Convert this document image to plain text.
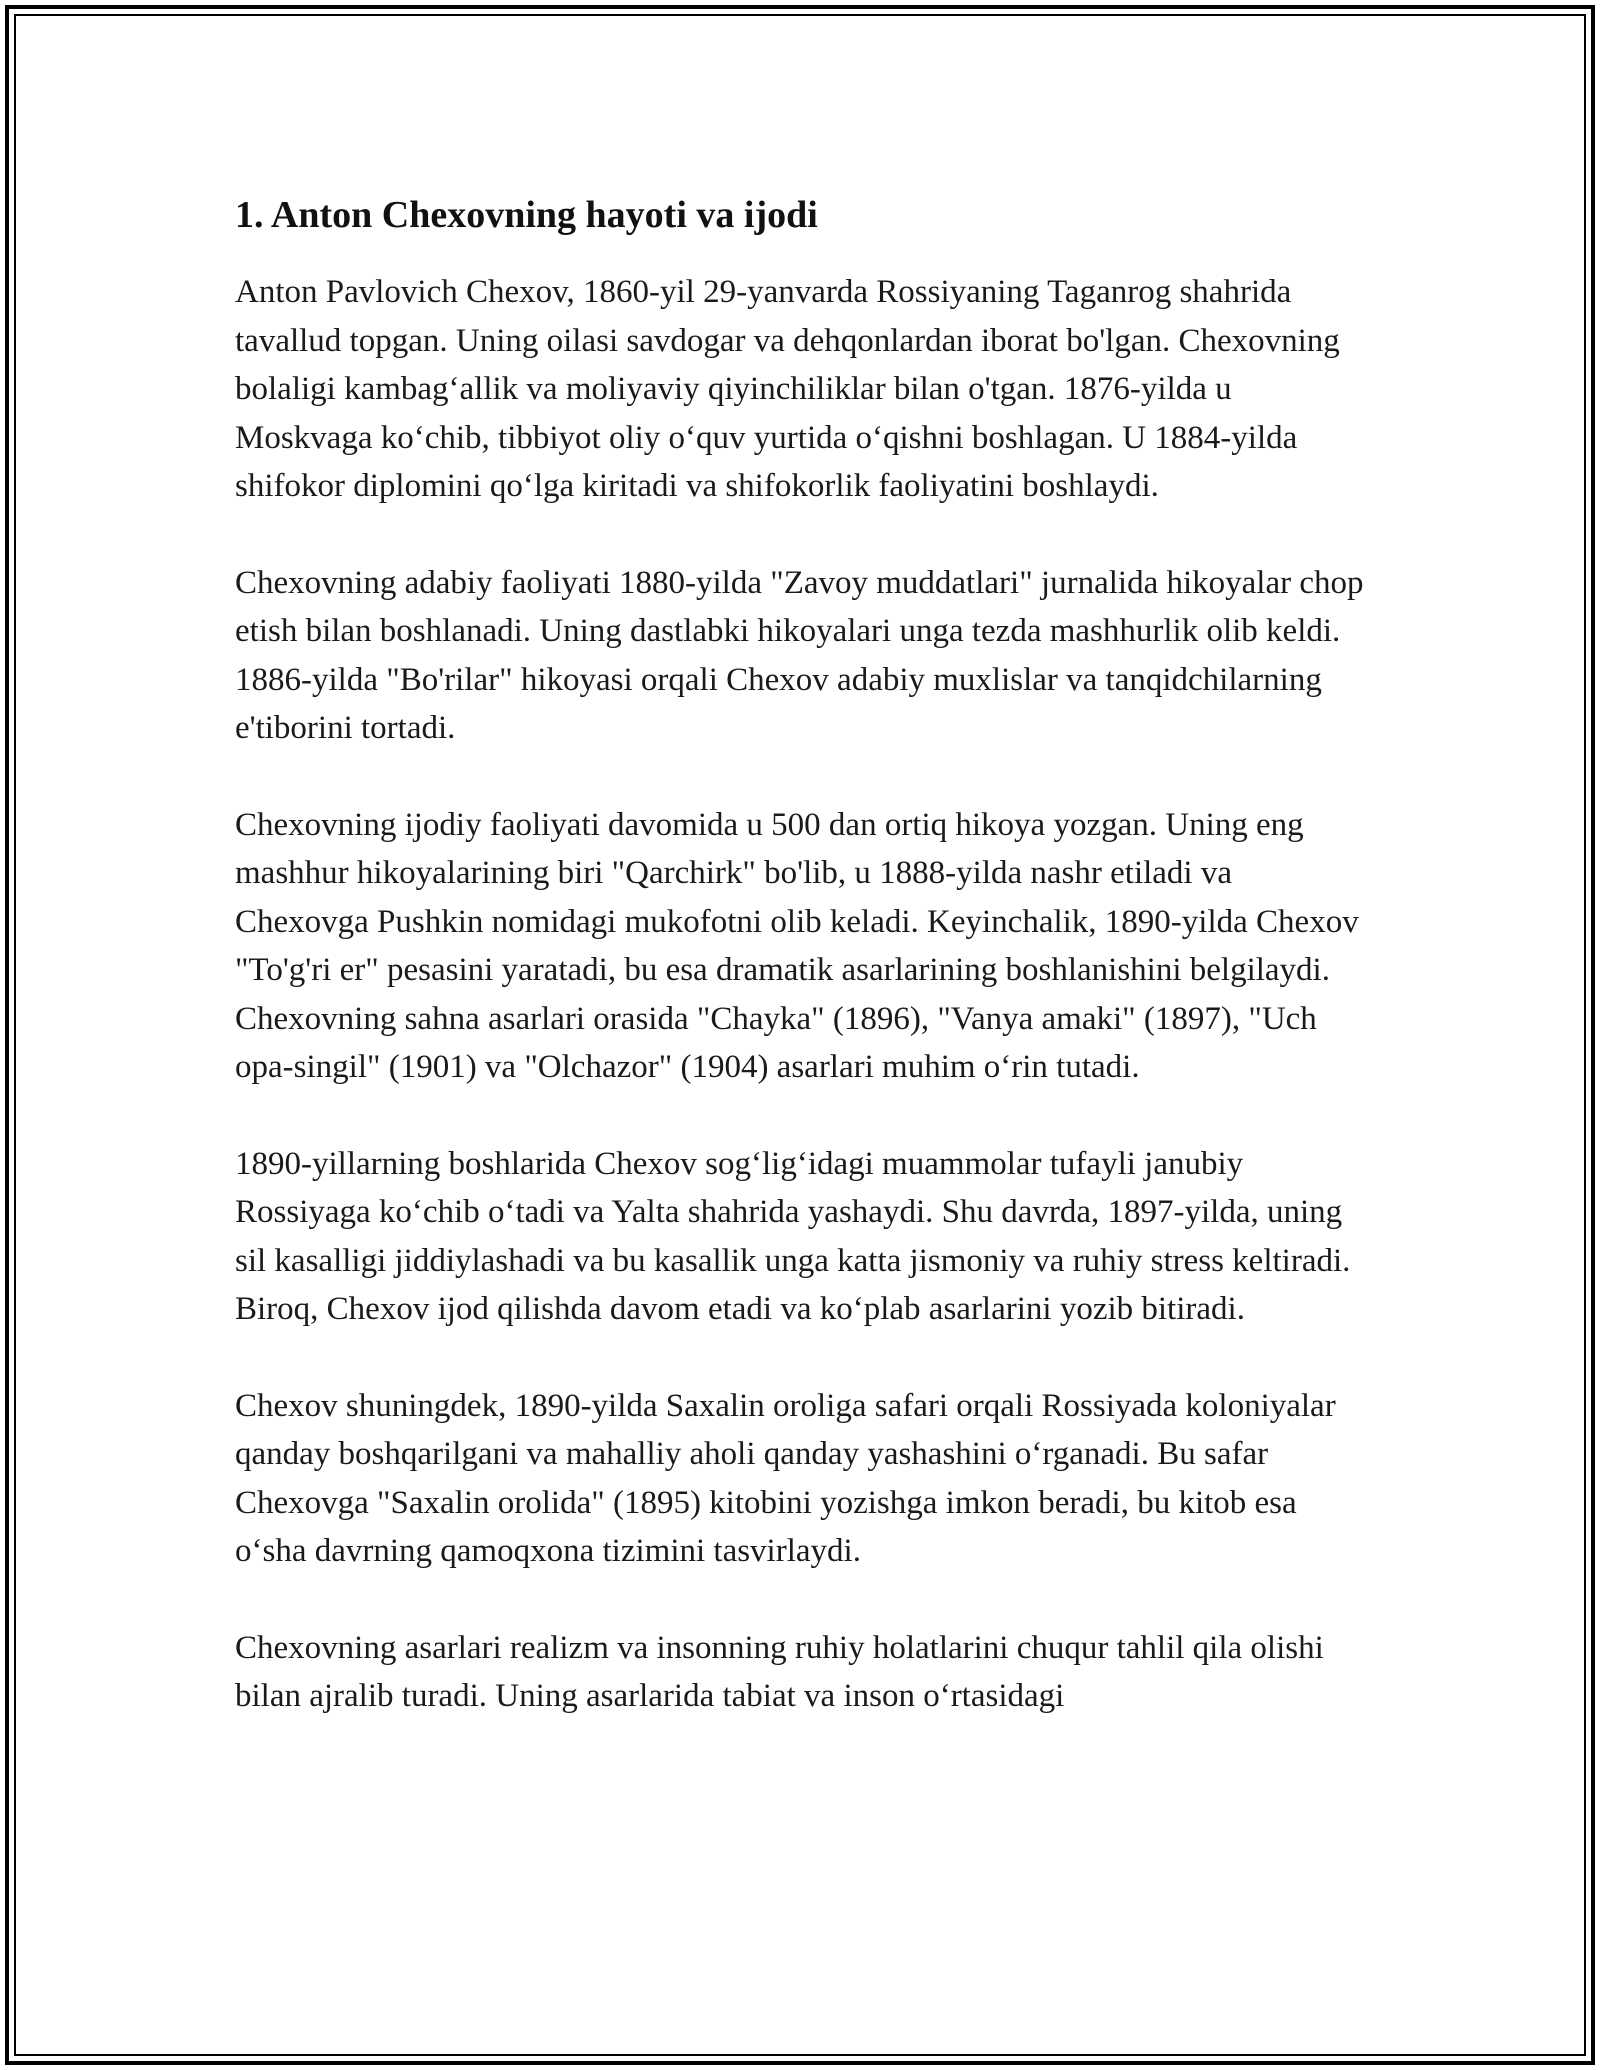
1. Anton Chexovning hayoti va ijodi

Anton Pavlovich Chexov, 1860-yil 29-yanvarda Rossiyaning Taganrog shahrida tavallud topgan. Uning oilasi savdogar va dehqonlardan iborat bo'lgan. Chexovning bolaligi kambag‘allik va moliyaviy qiyinchiliklar bilan o'tgan. 1876-yilda u Moskvaga ko‘chib, tibbiyot oliy o‘quv yurtida o‘qishni boshlagan. U 1884-yilda shifokor diplomini qo‘lga kiritadi va shifokorlik faoliyatini boshlaydi.

Chexovning adabiy faoliyati 1880-yilda "Zavoy muddatlari" jurnalida hikoyalar chop etish bilan boshlanadi. Uning dastlabki hikoyalari unga tezda mashhurlik olib keldi. 1886-yilda "Bo'rilar" hikoyasi orqali Chexov adabiy muxlislar va tanqidchilarning e'tiborini tortadi.

Chexovning ijodiy faoliyati davomida u 500 dan ortiq hikoya yozgan. Uning eng mashhur hikoyalarining biri "Qarchirk" bo'lib, u 1888-yilda nashr etiladi va Chexovga Pushkin nomidagi mukofotni olib keladi. Keyinchalik, 1890-yilda Chexov "To'g'ri er" pesasini yaratadi, bu esa dramatik asarlarining boshlanishini belgilaydi. Chexovning sahna asarlari orasida "Chayka" (1896), "Vanya amaki" (1897), "Uch opa-singil" (1901) va "Olchazor" (1904) asarlari muhim o‘rin tutadi.

1890-yillarning boshlarida Chexov sog‘lig‘idagi muammolar tufayli janubiy Rossiyaga ko‘chib o‘tadi va Yalta shahrida yashaydi. Shu davrda, 1897-yilda, uning sil kasalligi jiddiylashadi va bu kasallik unga katta jismoniy va ruhiy stress keltiradi. Biroq, Chexov ijod qilishda davom etadi va ko‘plab asarlarini yozib bitiradi.

Chexov shuningdek, 1890-yilda Saxalin oroliga safari orqali Rossiyada koloniyalar qanday boshqarilgani va mahalliy aholi qanday yashashini o‘rganadi. Bu safar Chexovga "Saxalin orolida" (1895) kitobini yozishga imkon beradi, bu kitob esa o‘sha davrning qamoqxona tizimini tasvirlaydi.

Chexovning asarlari realizm va insonning ruhiy holatlarini chuqur tahlil qila olishi bilan ajralib turadi. Uning asarlarida tabiat va inson o‘rtasidagi
